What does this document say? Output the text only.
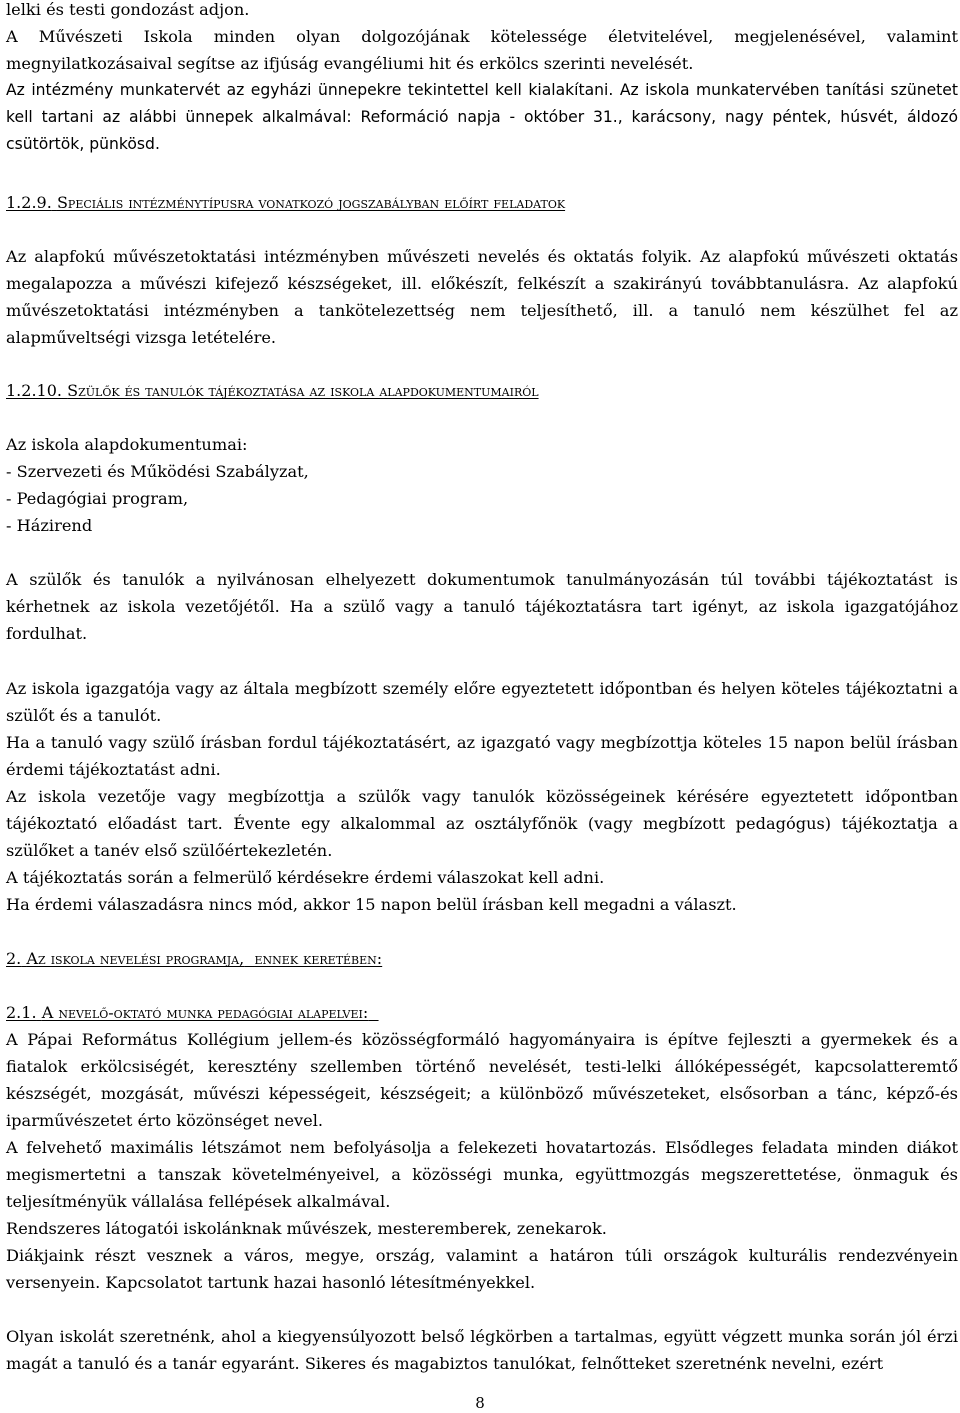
lelki és testi gondozást adjon.

A Művészeti Iskola minden olyan dolgozójának kötelessége életvitelével, megjelenésével, valamint megnyilatkozásaival segítse az ifjúság evangéliumi hit és erkölcs szerinti nevelését.

Az intézmény munkatervét az egyházi ünnepekre tekintettel kell kialakítani. Az iskola munkatervében tanítási szünetet kell tartani az alábbi ünnepek alkalmával: Reformáció napja - október 31., karácsony, nagy péntek, húsvét, áldozó csütörtök, pünkösd.

1.2.9. Speciális intézménytípusra vonatkozó jogszabályban előírt feladatok

Az alapfokú művészetoktatási intézményben művészeti nevelés és oktatás folyik. Az alapfokú művészeti oktatás megalapozza a művészi kifejező készségeket, ill. előkészít, felkészít a szakirányú továbbtanulásra. Az alapfokú művészetoktatási intézményben a tankötelezettség nem teljesíthető, ill. a tanuló nem készülhet fel az alapműveltségi vizsga letételére.

1.2.10. Szülők és tanulók tájékoztatása az iskola alapdokumentumairól
Az iskola alapdokumentumai:
- Szervezeti és Működési Szabályzat,
- Pedagógiai program,
- Házirend

A szülők és tanulók a nyilvánosan elhelyezett dokumentumok tanulmányozásán túl további tájékoztatást is kérhetnek az iskola vezetőjétől. Ha a szülő vagy a tanuló tájékoztatásra tart igényt, az iskola igazgatójához fordulhat.

Az iskola igazgatója vagy az általa megbízott személy előre egyeztetett időpontban és helyen köteles tájékoztatni a szülőt és a tanulót.

Ha a tanuló vagy szülő írásban fordul tájékoztatásért, az igazgató vagy megbízottja köteles 15 napon belül írásban érdemi tájékoztatást adni.

Az iskola vezetője vagy megbízottja a szülők vagy tanulók közösségeinek kérésére egyeztetett időpontban tájékoztató előadást tart. Évente egy alkalommal az osztályfőnök (vagy megbízott pedagógus) tájékoztatja a szülőket a tanév első szülőértekezletén.

A tájékoztatás során a felmerülő kérdésekre érdemi válaszokat kell adni.

Ha érdemi válaszadásra nincs mód, akkor 15 napon belül írásban kell megadni a választ.

2. Az iskola nevelési programja, ennek keretében:
2.1. A nevelő-oktató munka pedagógiai alapelvei:

A Pápai Református Kollégium jellem-és közösségformáló hagyományaira is építve fejleszti a gyermekek és a fiatalok erkölcsiségét, keresztény szellemben történő nevelését, testi-lelki állóképességét, kapcsolatteremtő készségét, mozgását, művészi képességeit, készségeit; a különböző művészeteket, elsősorban a tánc, képző-és iparművészetet érto közönséget nevel.

A felvehető maximális létszámot nem befolyásolja a felekezeti hovatartozás. Elsődleges feladata minden diákot megismertetni a tanszak követelményeivel, a közösségi munka, együttmozgás megszerettetése, önmaguk és teljesítményük vállalása fellépések alkalmával.

Rendszeres látogatói iskolánknak művészek, mesteremberek, zenekarok.

Diákjaink részt vesznek a város, megye, ország, valamint a határon túli országok kulturális rendezvényein versenyein. Kapcsolatot tartunk hazai hasonló létesítményekkel.

Olyan iskolát szeretnénk, ahol a kiegyensúlyozott belső légkörben a tartalmas, együtt végzett munka során jól érzi magát a tanuló és a tanár egyaránt. Sikeres és magabiztos tanulókat, felnőtteket szeretnénk nevelni, ezért

8
